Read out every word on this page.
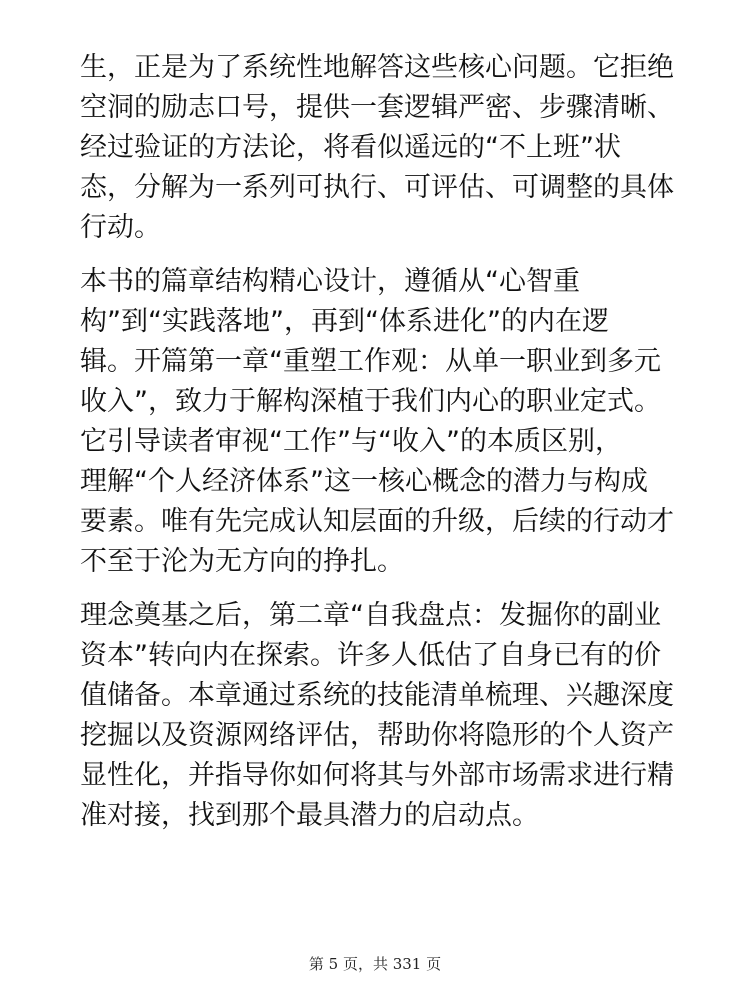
生，正是为了系统性地解答这些核心问题。它拒绝
空洞的励志口号，提供一套逻辑严密、步骤清晰、
经过验证的方法论，将看似遥远的“不上班”状
态，分解为一系列可执行、可评估、可调整的具体
行动。

本书的篇章结构精心设计，遵循从“心智重
构”到“实践落地”，再到“体系进化”的内在逻
辑。开篇第一章“重塑工作观：从单一职业到多元
收入”，致力于解构深植于我们内心的职业定式。
它引导读者审视“工作”与“收入”的本质区别，
理解“个人经济体系”这一核心概念的潜力与构成
要素。唯有先完成认知层面的升级，后续的行动才
不至于沦为无方向的挣扎。

理念奠基之后，第二章“自我盘点：发掘你的副业
资本”转向内在探索。许多人低估了自身已有的价
值储备。本章通过系统的技能清单梳理、兴趣深度
挖掘以及资源网络评估，帮助你将隐形的个人资产
显性化，并指导你如何将其与外部市场需求进行精
准对接，找到那个最具潜力的启动点。

第 5 页，共 331 页
